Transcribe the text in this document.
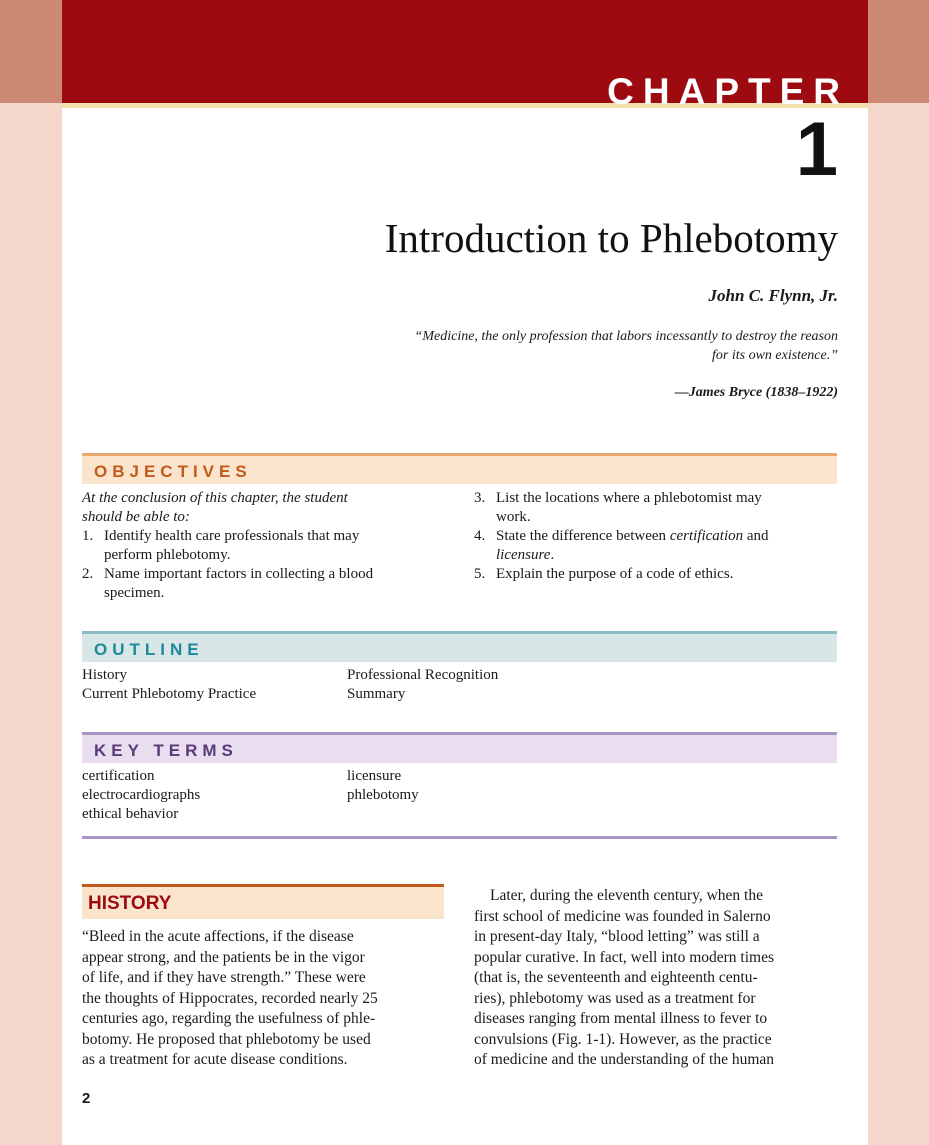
CHAPTER
1
Introduction to Phlebotomy
John C. Flynn, Jr.
“Medicine, the only profession that labors incessantly to destroy the reason
for its own existence.”
—James Bryce (1838–1922)
OBJECTIVES
At the conclusion of this chapter, the student
should be able to:
1. Identify health care professionals that may
perform phlebotomy.
2. Name important factors in collecting a blood
specimen.
3. List the locations where a phlebotomist may
work.
4. State the difference between certification and
licensure.
5. Explain the purpose of a code of ethics.
OUTLINE
History
Current Phlebotomy Practice
Professional Recognition
Summary
KEY TERMS
certification
electrocardiographs
ethical behavior
licensure
phlebotomy
HISTORY
“Bleed in the acute affections, if the disease
appear strong, and the patients be in the vigor
of life, and if they have strength.” These were
the thoughts of Hippocrates, recorded nearly 25
centuries ago, regarding the usefulness of phle-
botomy. He proposed that phlebotomy be used
as a treatment for acute disease conditions.
Later, during the eleventh century, when the
first school of medicine was founded in Salerno
in present-day Italy, “blood letting” was still a
popular curative. In fact, well into modern times
(that is, the seventeenth and eighteenth centu-
ries), phlebotomy was used as a treatment for
diseases ranging from mental illness to fever to
convulsions (Fig. 1-1). However, as the practice
of medicine and the understanding of the human
2
